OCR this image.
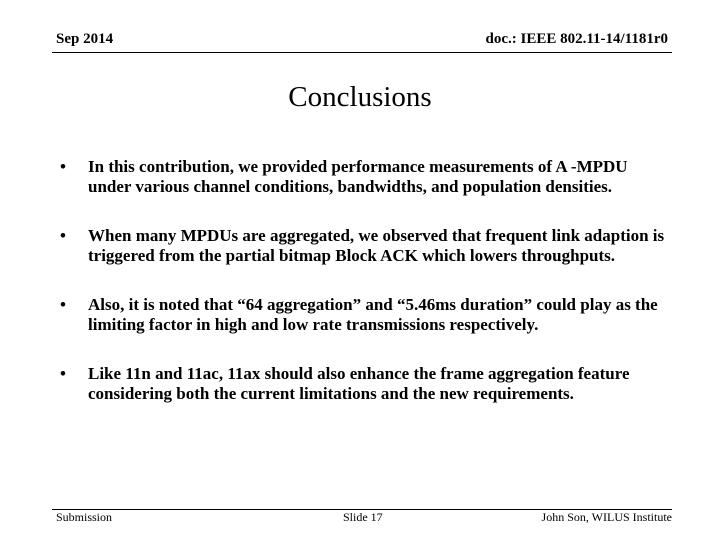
Sep 2014	doc.: IEEE 802.11-14/1181r0
Conclusions
• In this contribution, we provided performance measurements of A -MPDU under various channel conditions, bandwidths, and population densities.
• When many MPDUs are aggregated, we observed that frequent link adaption is triggered from the partial bitmap Block ACK which lowers throughputs.
• Also, it is noted that “64 aggregation” and “5.46ms duration” could play as the limiting factor in high and low rate transmissions respectively.
• Like 11n and 11ac, 11ax should also enhance the frame aggregation feature considering both the current limitations and the new requirements.
Submission	Slide 17	John Son, WILUS Institute
